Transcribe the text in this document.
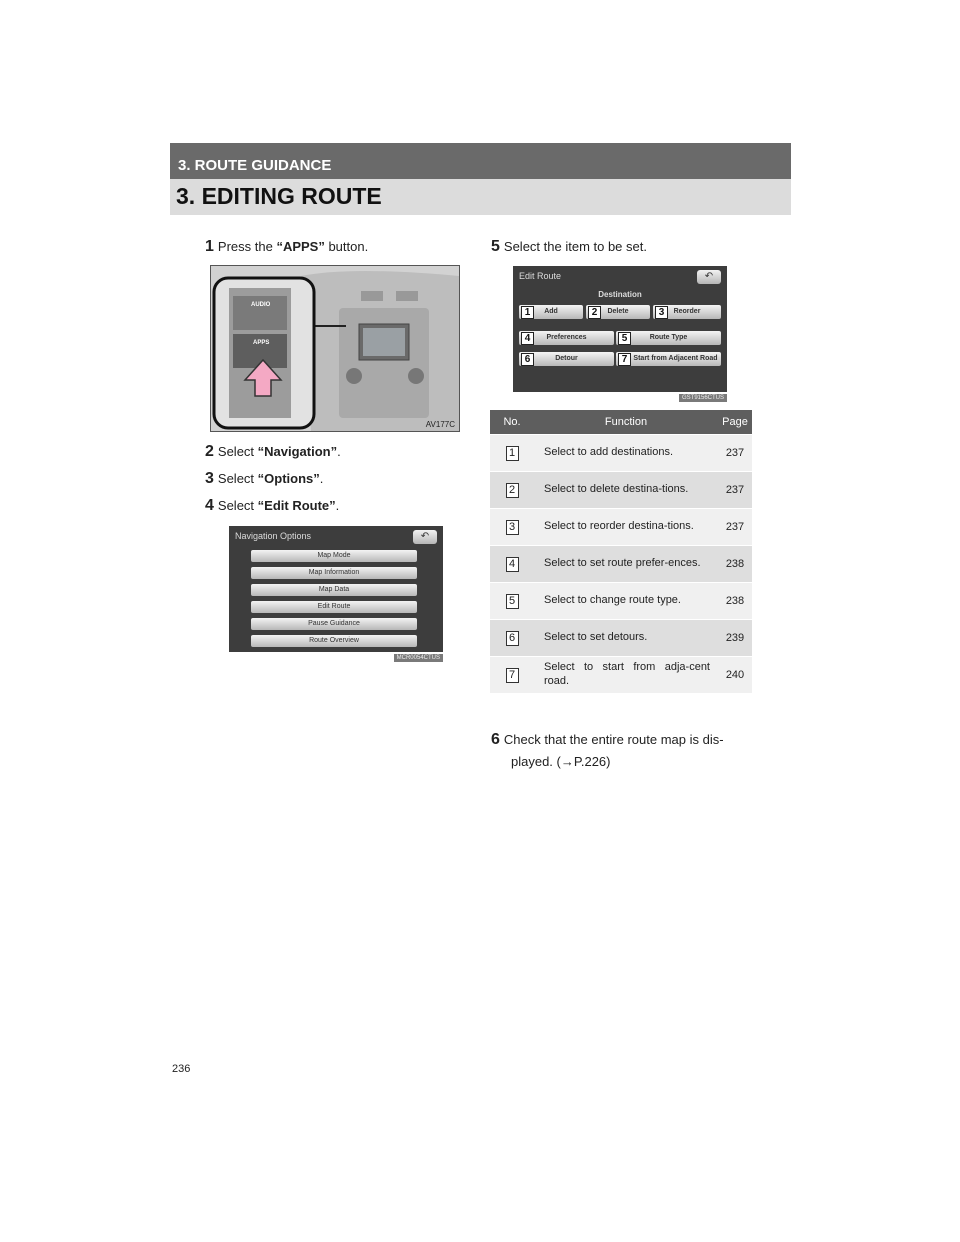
3. ROUTE GUIDANCE
3. EDITING ROUTE
1 Press the “APPS” button.
AUDIO
APPS
AV177C
2 Select “Navigation”.
3 Select “Options”.
4 Select “Edit Route”.
Navigation Options	↶
Map Mode
Map Information
Map Data
Edit Route
Pause Guidance
Route Overview
MCR0054CTUS
5 Select the item to be set.
Edit Route	↶
Destination
1	Add	2	Delete	3	Reorder
4	Preferences	5	Route Type
6	Detour	7 Start from Adjacent Road
GST9156CTUS
No.	Function	Page
1	Select to add destinations.	237
2	Select to delete destina-tions.	237
3	Select to reorder destina-tions.	237
4	Select to set route prefer-ences.	238
5	Select to change route type.	238
6	Select to set detours.	239
7	Select to start from adja-cent road.	240
6 Check that the entire route map is dis-
played. (→P.226)
236
